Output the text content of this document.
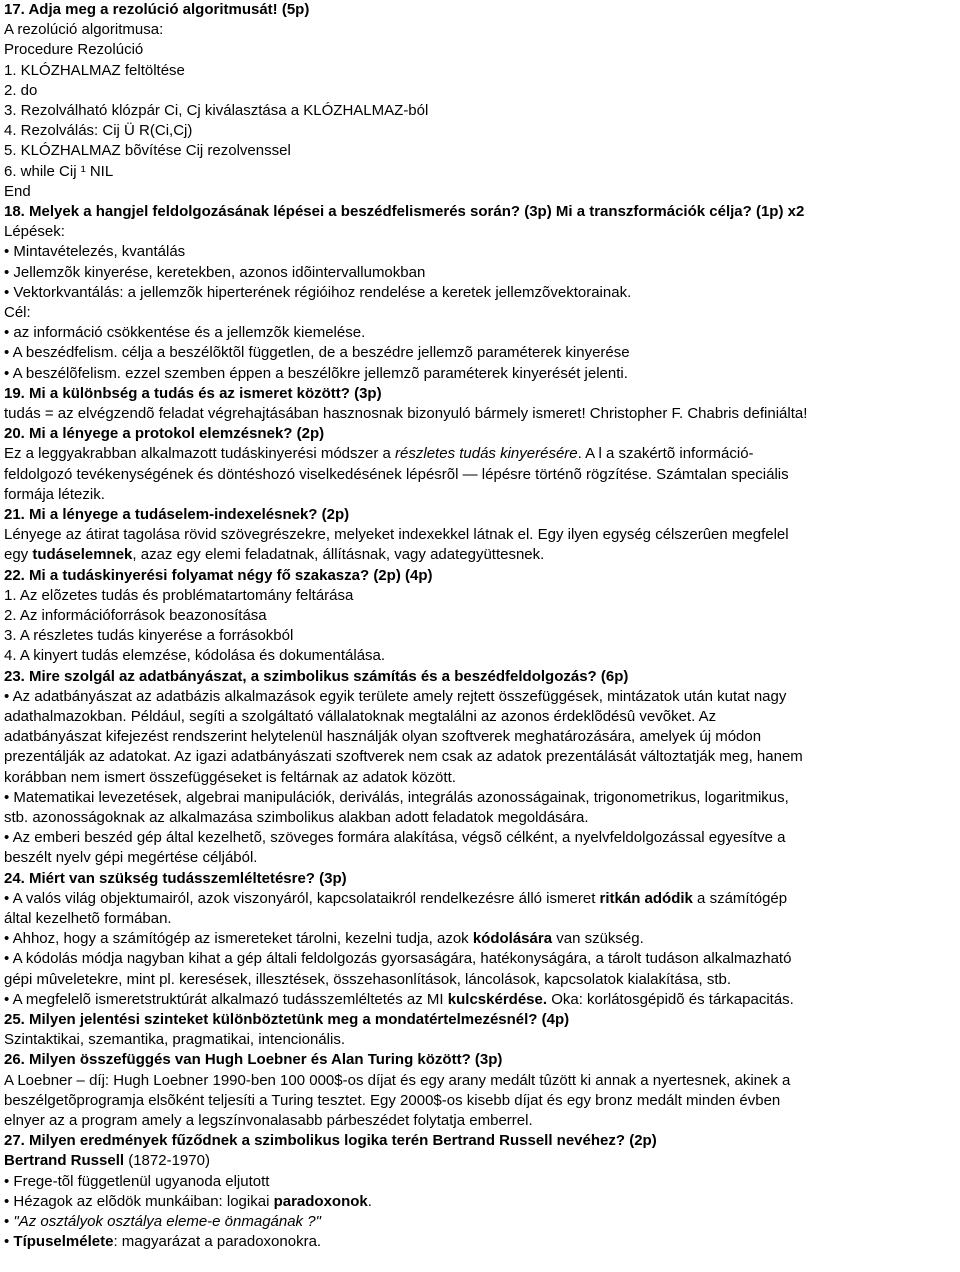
17. Adja meg a rezolúció algoritmusát! (5p)
A rezolúció algoritmusa:
Procedure Rezolúció
1. KLÓZHALMAZ feltöltése
2. do
3. Rezolválható klózpár Ci, Cj kiválasztása a KLÓZHALMAZ-ból
4. Rezolválás: Cij Ü R(Ci,Cj)
5. KLÓZHALMAZ bõvítése Cij rezolvenssel
6. while Cij ¹ NIL
End
18. Melyek a hangjel feldolgozásának lépései a beszédfelismerés során? (3p) Mi a transzformációk célja? (1p) x2
Lépések:
• Mintavételezés, kvantálás
• Jellemzõk kinyerése, keretekben, azonos idõintervallumokban
• Vektorkvantálás: a jellemzõk hiperterének régióihoz rendelése a keretek jellemzõvektorainak.
Cél:
• az információ csökkentése és a jellemzõk kiemelése.
• A beszédfelism. célja a beszélõktõl független, de a beszédre jellemzõ paraméterek kinyerése
• A beszélõfelism. ezzel szemben éppen a beszélõkre jellemzõ paraméterek kinyerését jelenti.
19. Mi a különbség a tudás és az ismeret között? (3p)
tudás = az elvégzendõ feladat végrehajtásában hasznosnak bizonyuló bármely ismeret! Christopher F. Chabris definiálta!
20. Mi a lényege a protokol elemzésnek? (2p)
Ez a leggyakrabban alkalmazott tudáskinyerési módszer a részletes tudás kinyerésére. A l a szakértõ információ-
feldolgozó tevékenységének és döntéshozó viselkedésének lépésrõl — lépésre történõ rögzítése. Számtalan speciális
formája létezik.
21. Mi a lényege a tudáselem-indexelésnek? (2p)
Lényege az átirat tagolása rövid szövegrészekre, melyeket indexekkel látnak el. Egy ilyen egység célszerûen megfelel
egy tudáselemnek, azaz egy elemi feladatnak, állításnak, vagy adategyüttesnek.
22. Mi a tudáskinyerési folyamat négy fő szakasza? (2p) (4p)
1. Az elõzetes tudás és problématartomány feltárása
2. Az információforrások beazonosítása
3. A részletes tudás kinyerése a forrásokból
4. A kinyert tudás elemzése, kódolása és dokumentálása.
23. Mire szolgál az adatbányászat, a szimbolikus számítás és a beszédfeldolgozás? (6p)
• Az adatbányászat az adatbázis alkalmazások egyik területe amely rejtett összefüggések, mintázatok után kutat nagy
adathalmazokban. Például, segíti a szolgáltató vállalatoknak megtalálni az azonos érdeklõdésû vevõket. Az
adatbányászat kifejezést rendszerint helytelenül használják olyan szoftverek meghatározására, amelyek új módon
prezentálják az adatokat. Az igazi adatbányászati szoftverek nem csak az adatok prezentálását változtatják meg, hanem
korábban nem ismert összefüggéseket is feltárnak az adatok között.
• Matematikai levezetések, algebrai manipulációk, deriválás, integrálás azonosságainak, trigonometrikus, logaritmikus,
stb. azonosságoknak az alkalmazása szimbolikus alakban adott feladatok megoldására.
• Az emberi beszéd gép által kezelhetõ, szöveges formára alakítása, végsõ célként, a nyelvfeldolgozással egyesítve a
beszélt nyelv gépi megértése céljából.
24. Miért van szükség tudásszemléltetésre? (3p)
• A valós világ objektumairól, azok viszonyáról, kapcsolataikról rendelkezésre álló ismeret ritkán adódik a számítógép
által kezelhetõ formában.
• Ahhoz, hogy a számítógép az ismereteket tárolni, kezelni tudja, azok kódolására van szükség.
• A kódolás módja nagyban kihat a gép általi feldolgozás gyorsaságára, hatékonyságára, a tárolt tudáson alkalmazható
gépi mûveletekre, mint pl. keresések, illesztések, összehasonlítások, láncolások, kapcsolatok kialakítása, stb.
• A megfelelõ ismeretstruktúrát alkalmazó tudásszemléltetés az MI kulcskérdése. Oka: korlátosgépidõ és tárkapacitás.
25. Milyen jelentési szinteket különböztetünk meg a mondatértelmezésnél? (4p)
Szintaktikai, szemantika, pragmatikai, intencionális.
26. Milyen összefüggés van Hugh Loebner és Alan Turing között? (3p)
A Loebner – díj: Hugh Loebner 1990-ben 100 000$-os díjat és egy arany medált tûzött ki annak a nyertesnek, akinek a
beszélgetõprogramja elsõként teljesíti a Turing tesztet. Egy 2000$-os kisebb díjat és egy bronz medált minden évben
elnyer az a program amely a legszínvonalasabb párbeszédet folytatja emberrel.
27. Milyen eredmények fűződnek a szimbolikus logika terén Bertrand Russell nevéhez? (2p)
Bertrand Russell (1872-1970)
• Frege-tõl függetlenül ugyanoda eljutott
• Hézagok az elõdök munkáiban: logikai paradoxonok.
• "Az osztályok osztálya eleme-e önmagának ?"
• Típuselmélete: magyarázat a paradoxonokra.
